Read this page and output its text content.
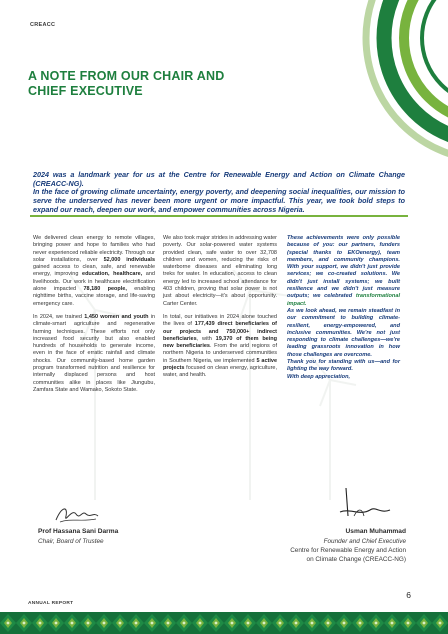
CREACC
A NOTE FROM OUR CHAIR AND
CHIEF EXECUTIVE

2024 was a landmark year for us at the Centre for Renewable Energy and Action on Climate Change (CREACC-NG).

In the face of growing climate uncertainty, energy poverty, and deepening social inequalities, our mission to serve the underserved has never been more urgent or more impactful. This year, we took bold steps to expand our reach, deepen our work, and empower communities across Nigeria.

We delivered clean energy to remote villages, bringing power and hope to families who had never experienced reliable electricity. Through our solar installations, over 52,000 individuals gained access to clean, safe, and renewable energy, improving education, healthcare, and livelihoods. Our work in healthcare electrification alone impacted 78,180 people, enabling nighttime births, vaccine storage, and life-saving emergency care.

In 2024, we trained 1,450 women and youth in climate-smart agriculture and regenerative farming techniques. These efforts not only increased food security but also enabled hundreds of households to generate income, even in the face of erratic rainfall and climate shocks. Our community-based home garden program transformed nutrition and resilience for internally displaced persons and host communities alike in places like Jiungubu, Zamfara State and Wamako, Sokoto State.

We also took major strides in addressing water poverty. Our solar-powered water systems provided clean, safe water to over 32,708 children and women, reducing the risks of waterborne diseases and eliminating long treks for water. In education, access to clean energy led to increased school attendance for 403 children, proving that solar power is not just about electricity—it's about opportunity. Carter Center.

In total, our initiatives in 2024 alone touched the lives of 177,439 direct beneficiaries of our projects and 750,000+ indirect beneficiaries, with 19,370 of them being new beneficiaries. From the arid regions of northern Nigeria to underserved communities in Southern Nigeria, we implemented 5 active projects focused on clean energy, agriculture, water, and health.

These achievements were only possible because of you: our partners, funders (special thanks to EKOenergy), team members, and community champions. With your support, we didn't just provide services; we co-created solutions. We didn't just install systems; we built resilience and we didn't just measure outputs; we celebrated transformational impact.

As we look ahead, we remain steadfast in our commitment to building climate-resilient, energy-empowered, and inclusive communities. We're not just responding to climate challenges—we're leading grassroots innovation in how those challenges are overcome.

Thank you for standing with us—and for lighting the way forward.

With deep appreciation,

Prof Hassana Sani Darma
Chair, Board of Trustee
Usman Muhammad
Founder and Chief Executive
Centre for Renewable Energy and Action
on Climate Change (CREACC-NG)
ANNUAL REPORT
6
